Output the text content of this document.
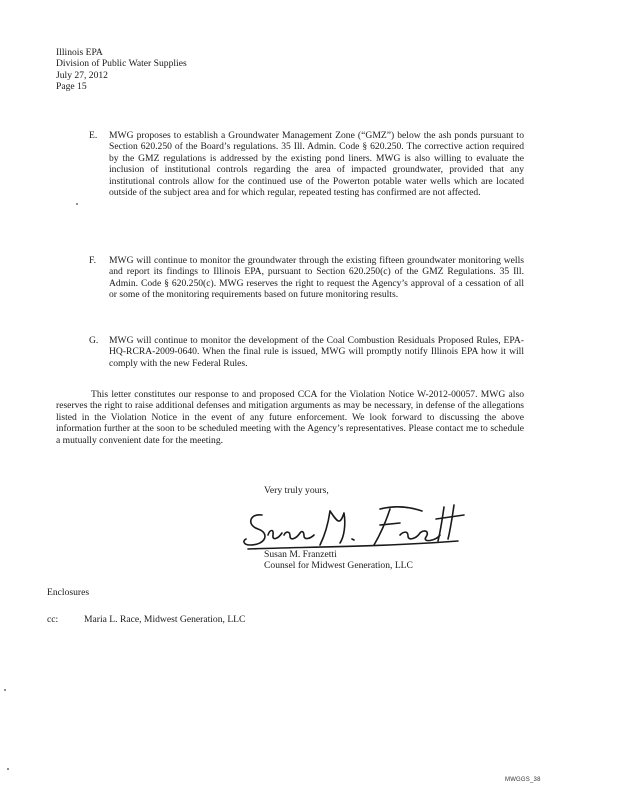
Illinois EPA
Division of Public Water Supplies
July 27, 2012
Page 15
E.	MWG proposes to establish a Groundwater Management Zone (“GMZ”) below the ash ponds pursuant to Section 620.250 of the Board’s regulations. 35 Ill. Admin. Code § 620.250. The corrective action required by the GMZ regulations is addressed by the existing pond liners. MWG is also willing to evaluate the inclusion of institutional controls regarding the area of impacted groundwater, provided that any institutional controls allow for the continued use of the Powerton potable water wells which are located outside of the subject area and for which regular, repeated testing has confirmed are not affected.
F.	MWG will continue to monitor the groundwater through the existing fifteen groundwater monitoring wells and report its findings to Illinois EPA, pursuant to Section 620.250(c) of the GMZ Regulations. 35 Ill. Admin. Code § 620.250(c). MWG reserves the right to request the Agency’s approval of a cessation of all or some of the monitoring requirements based on future monitoring results.
G.	MWG will continue to monitor the development of the Coal Combustion Residuals Proposed Rules, EPA-HQ-RCRA-2009-0640. When the final rule is issued, MWG will promptly notify Illinois EPA how it will comply with the new Federal Rules.
This letter constitutes our response to and proposed CCA for the Violation Notice W-2012-00057. MWG also reserves the right to raise additional defenses and mitigation arguments as may be necessary, in defense of the allegations listed in the Violation Notice in the event of any future enforcement. We look forward to discussing the above information further at the soon to be scheduled meeting with the Agency’s representatives. Please contact me to schedule a mutually convenient date for the meeting.
Very truly yours,
Susan M. Franzetti
Counsel for Midwest Generation, LLC
Enclosures
cc:	Maria L. Race, Midwest Generation, LLC
MWGGS_38
